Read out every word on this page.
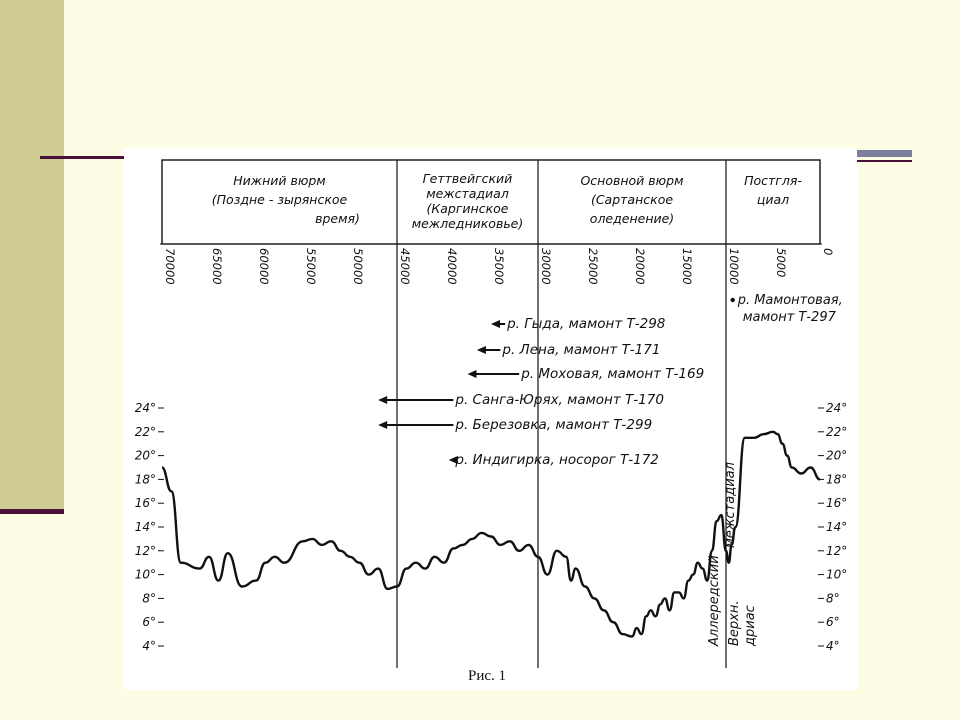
Нижний вюрм
(Поздне - зырянское
время)
Геттвейгский
межстадиал
(Каргинское
межледниковье)
Основной вюрм
(Сартанское
оледенение)
Постгля-
циал
70000	65000	60000	55000	50000	45000	40000	35000	30000	25000	20000	15000	10000	5000	0
24°
22°
20°
18°
16°
14°
12°
10°
8°
6°
4°
24°
22°
20°
18°
16°
14°
12°
10°
8°
6°
4°
р. Гыда, мамонт Т-298
р. Лена, мамонт Т-171
р. Моховая, мамонт Т-169
р. Санга-Юрях, мамонт Т-170
р. Березовка, мамонт Т-299
р. Индигирка, носорог Т-172
р. Мамонтовая,
мамонт Т-297
Аллередский
межстадиал
Верхн. дриас
Рис. 1
